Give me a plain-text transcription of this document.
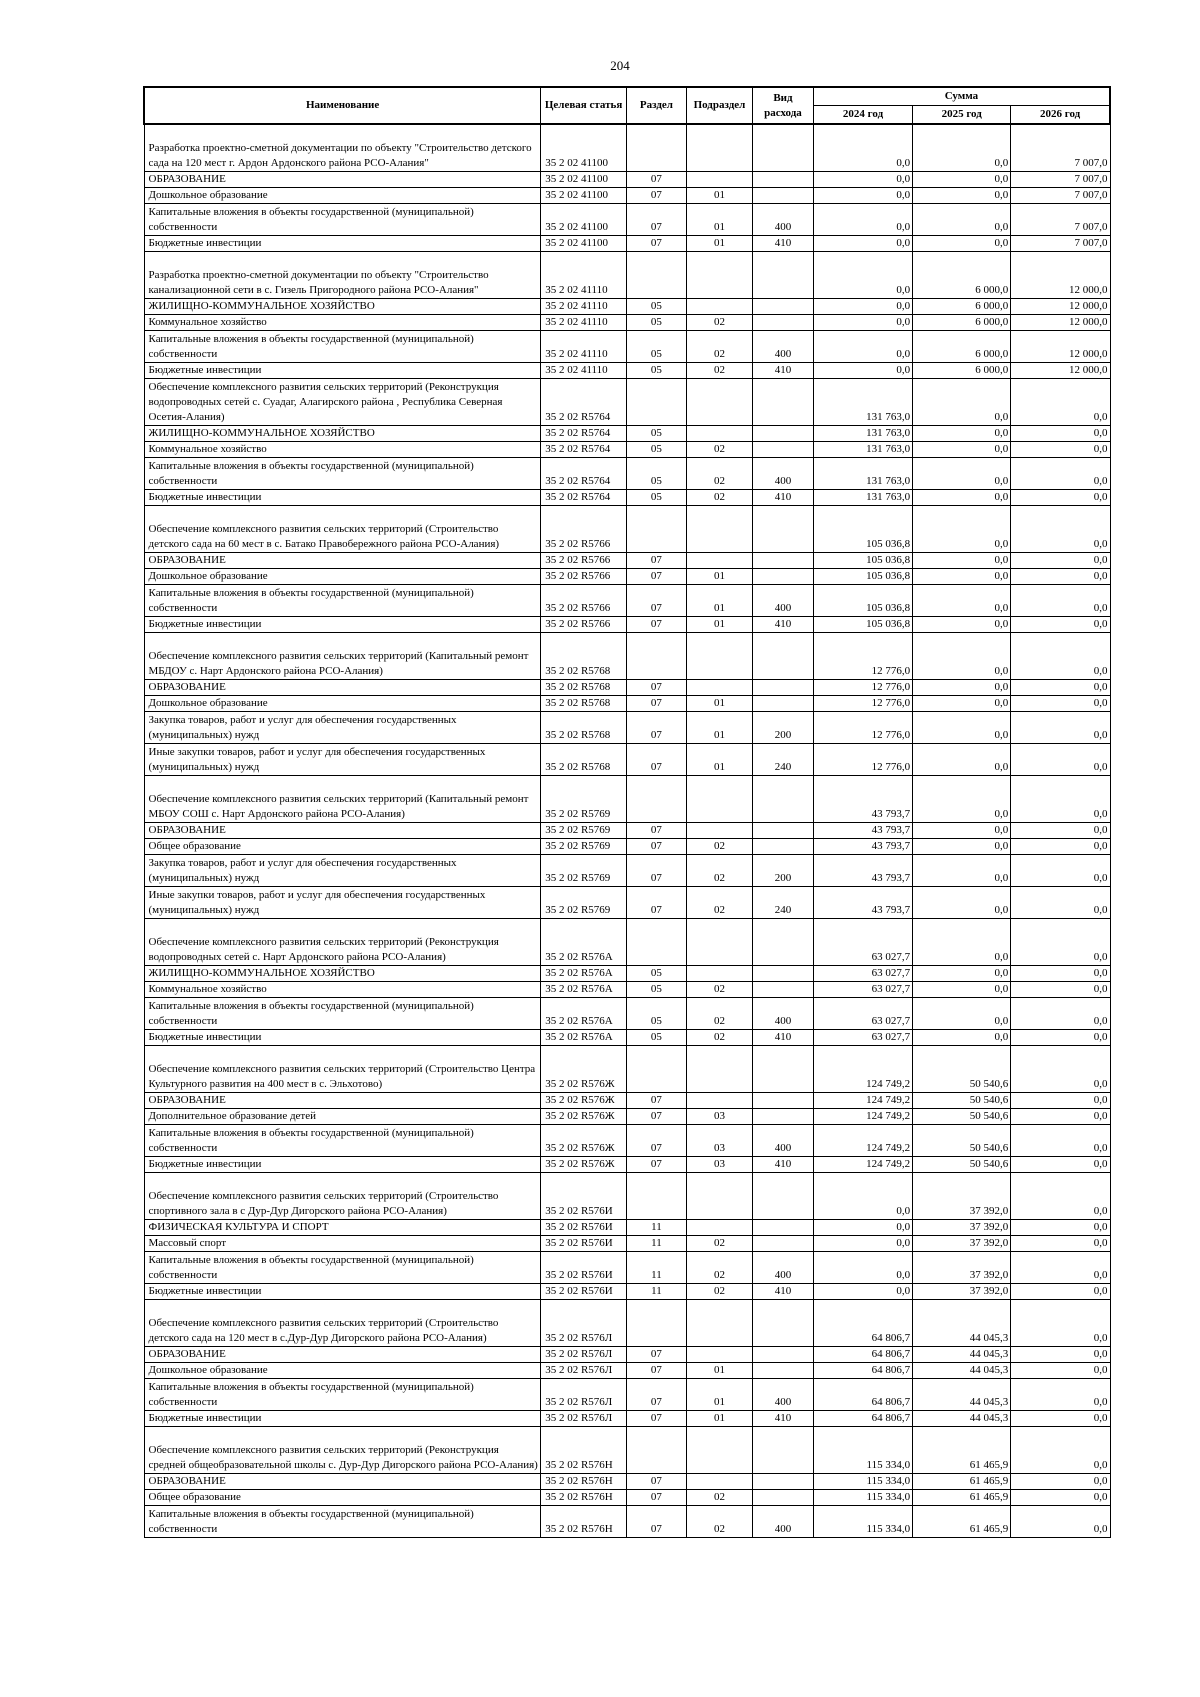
204
Наименование	Целевая статья	Раздел	Подраздел	Вид расхода	Сумма		
					2024 год	2025 год	2026 год
Разработка проектно-сметной документации по объекту "Строительство детского сада на 120 мест г. Ардон Ардонского района РСО-Алания"	35 2 02 41100				0,0	0,0	7 007,0
ОБРАЗОВАНИЕ	35 2 02 41100	07			0,0	0,0	7 007,0
Дошкольное образование	35 2 02 41100	07	01		0,0	0,0	7 007,0
Капитальные вложения в объекты государственной (муниципальной) собственности	35 2 02 41100	07	01	400	0,0	0,0	7 007,0
Бюджетные инвестиции	35 2 02 41100	07	01	410	0,0	0,0	7 007,0
Разработка проектно-сметной документации по объекту "Строительство канализационной сети в с. Гизель Пригородного района РСО-Алания"	35 2 02 41110				0,0	6 000,0	12 000,0
ЖИЛИЩНО-КОММУНАЛЬНОЕ ХОЗЯЙСТВО	35 2 02 41110	05			0,0	6 000,0	12 000,0
Коммунальное хозяйство	35 2 02 41110	05	02		0,0	6 000,0	12 000,0
Капитальные вложения в объекты государственной (муниципальной) собственности	35 2 02 41110	05	02	400	0,0	6 000,0	12 000,0
Бюджетные инвестиции	35 2 02 41110	05	02	410	0,0	6 000,0	12 000,0
Обеспечение комплексного развития сельских территорий (Реконструкция водопроводных сетей с. Суадаг, Алагирского района , Республика Северная Осетия-Алания)	35 2 02 R5764				131 763,0	0,0	0,0
ЖИЛИЩНО-КОММУНАЛЬНОЕ ХОЗЯЙСТВО	35 2 02 R5764	05			131 763,0	0,0	0,0
Коммунальное хозяйство	35 2 02 R5764	05	02		131 763,0	0,0	0,0
Капитальные вложения в объекты государственной (муниципальной) собственности	35 2 02 R5764	05	02	400	131 763,0	0,0	0,0
Бюджетные инвестиции	35 2 02 R5764	05	02	410	131 763,0	0,0	0,0
Обеспечение комплексного развития сельских территорий (Строительство детского сада на 60 мест в с. Батако Правобережного района РСО-Алания)	35 2 02 R5766				105 036,8	0,0	0,0
ОБРАЗОВАНИЕ	35 2 02 R5766	07			105 036,8	0,0	0,0
Дошкольное образование	35 2 02 R5766	07	01		105 036,8	0,0	0,0
Капитальные вложения в объекты государственной (муниципальной) собственности	35 2 02 R5766	07	01	400	105 036,8	0,0	0,0
Бюджетные инвестиции	35 2 02 R5766	07	01	410	105 036,8	0,0	0,0
Обеспечение комплексного развития сельских территорий (Капитальный ремонт МБДОУ с. Нарт Ардонского района РСО-Алания)	35 2 02 R5768				12 776,0	0,0	0,0
ОБРАЗОВАНИЕ	35 2 02 R5768	07			12 776,0	0,0	0,0
Дошкольное образование	35 2 02 R5768	07	01		12 776,0	0,0	0,0
Закупка товаров, работ и услуг для обеспечения государственных (муниципальных) нужд	35 2 02 R5768	07	01	200	12 776,0	0,0	0,0
Иные закупки товаров, работ и услуг для обеспечения государственных (муниципальных) нужд	35 2 02 R5768	07	01	240	12 776,0	0,0	0,0
Обеспечение комплексного развития сельских территорий (Капитальный ремонт МБОУ СОШ с. Нарт Ардонского района РСО-Алания)	35 2 02 R5769				43 793,7	0,0	0,0
ОБРАЗОВАНИЕ	35 2 02 R5769	07			43 793,7	0,0	0,0
Общее образование	35 2 02 R5769	07	02		43 793,7	0,0	0,0
Закупка товаров, работ и услуг для обеспечения государственных (муниципальных) нужд	35 2 02 R5769	07	02	200	43 793,7	0,0	0,0
Иные закупки товаров, работ и услуг для обеспечения государственных (муниципальных) нужд	35 2 02 R5769	07	02	240	43 793,7	0,0	0,0
Обеспечение комплексного развития сельских территорий (Реконструкция водопроводных сетей с. Нарт Ардонского района РСО-Алания)	35 2 02 R576A				63 027,7	0,0	0,0
ЖИЛИЩНО-КОММУНАЛЬНОЕ ХОЗЯЙСТВО	35 2 02 R576A	05			63 027,7	0,0	0,0
Коммунальное хозяйство	35 2 02 R576A	05	02		63 027,7	0,0	0,0
Капитальные вложения в объекты государственной (муниципальной) собственности	35 2 02 R576A	05	02	400	63 027,7	0,0	0,0
Бюджетные инвестиции	35 2 02 R576A	05	02	410	63 027,7	0,0	0,0
Обеспечение комплексного развития сельских территорий (Строительство Центра Культурного развития на 400 мест в с. Эльхотово)	35 2 02 R576Ж				124 749,2	50 540,6	0,0
ОБРАЗОВАНИЕ	35 2 02 R576Ж	07			124 749,2	50 540,6	0,0
Дополнительное образование детей	35 2 02 R576Ж	07	03		124 749,2	50 540,6	0,0
Капитальные вложения в объекты государственной (муниципальной) собственности	35 2 02 R576Ж	07	03	400	124 749,2	50 540,6	0,0
Бюджетные инвестиции	35 2 02 R576Ж	07	03	410	124 749,2	50 540,6	0,0
Обеспечение комплексного развития сельских территорий (Строительство спортивного зала в с Дур-Дур Дигорского района РСО-Алания)	35 2 02 R576И				0,0	37 392,0	0,0
ФИЗИЧЕСКАЯ КУЛЬТУРА И СПОРТ	35 2 02 R576И	11			0,0	37 392,0	0,0
Массовый спорт	35 2 02 R576И	11	02		0,0	37 392,0	0,0
Капитальные вложения в объекты государственной (муниципальной) собственности	35 2 02 R576И	11	02	400	0,0	37 392,0	0,0
Бюджетные инвестиции	35 2 02 R576И	11	02	410	0,0	37 392,0	0,0
Обеспечение комплексного развития сельских территорий (Строительство детского сада на 120 мест в с.Дур-Дур Дигорского района РСО-Алания)	35 2 02 R576Л				64 806,7	44 045,3	0,0
ОБРАЗОВАНИЕ	35 2 02 R576Л	07			64 806,7	44 045,3	0,0
Дошкольное образование	35 2 02 R576Л	07	01		64 806,7	44 045,3	0,0
Капитальные вложения в объекты государственной (муниципальной) собственности	35 2 02 R576Л	07	01	400	64 806,7	44 045,3	0,0
Бюджетные инвестиции	35 2 02 R576Л	07	01	410	64 806,7	44 045,3	0,0
Обеспечение комплексного развития сельских территорий (Реконструкция средней общеобразовательной школы с. Дур-Дур Дигорского района РСО-Алания)	35 2 02 R576Н				115 334,0	61 465,9	0,0
ОБРАЗОВАНИЕ	35 2 02 R576Н	07			115 334,0	61 465,9	0,0
Общее образование	35 2 02 R576Н	07	02		115 334,0	61 465,9	0,0
Капитальные вложения в объекты государственной (муниципальной) собственности	35 2 02 R576Н	07	02	400	115 334,0	61 465,9	0,0
